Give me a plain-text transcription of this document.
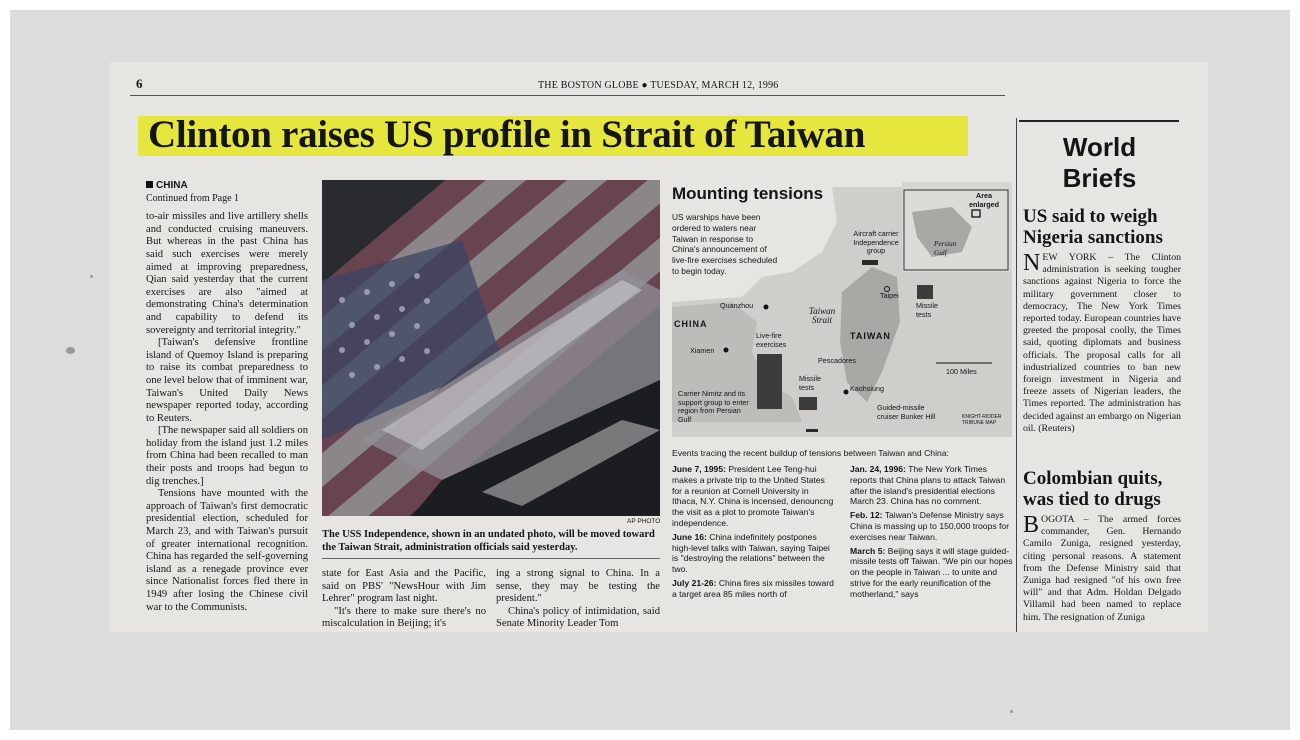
6	THE BOSTON GLOBE ● TUESDAY, MARCH 12, 1996
Clinton raises US profile in Strait of Taiwan
CHINA
Continued from Page 1

to-air missiles and live artillery shells and conducted cruising maneuvers. But whereas in the past China has said such exercises were merely aimed at improving preparedness, Qian said yesterday that the current exercises are also "aimed at demonstrating China's determination and capability to defend its sovereignty and territorial integrity."

[Taiwan's defensive frontline island of Quemoy Island is preparing to raise its combat preparedness to one level below that of imminent war, Taiwan's United Daily News newspaper reported today, according to Reuters.

[The newspaper said all soldiers on holiday from the island just 1.2 miles from China had been recalled to man their posts and troops had begun to dig trenches.]

Tensions have mounted with the approach of Taiwan's first democratic presidential election, scheduled for March 23, and with Taiwan's pursuit of greater international recognition. China has regarded the self-governing island as a renegade province ever since Nationalist forces fled there in 1949 after losing the Chinese civil war to the Communists.

AP PHOTO
The USS Independence, shown in an undated photo, will be moved toward the Taiwan Strait, administration officials said yesterday.

state for East Asia and the Pacific, said on PBS' "NewsHour with Jim Lehrer" program last night.

"It's there to make sure there's no miscalculation in Beijing; it's

ing a strong signal to China. In a sense, they may be testing the president."

China's policy of intimidation, said Senate Minority Leader Tom

Mounting tensions
US warships have been ordered to waters near Taiwan in response to China's announcement of live-fire exercises scheduled to begin today.
CHINA
TAIWAN
Taiwan Strait
Quanzhou
Xiamen
Live-fire exercises
Pescadores
Missile tests
Missile tests
Kaohsiung
Taipei
Aircraft carrier Independence group
Carrier Nimitz and its support group to enter region from Persian Gulf
Guided-missile cruiser Bunker Hill
100 Miles
Area enlarged
Persian Gulf
KNIGHT-RIDDER TRIBUNE MAP
Events tracing the recent buildup of tensions between Taiwan and China:

June 7, 1995: President Lee Teng-hui makes a private trip to the United States for a reunion at Cornell University in Ithaca, N.Y. China is incensed, denouncng the visit as a plot to promote Taiwan's independence.

June 16: China indefinitely postpones high-level talks with Taiwan, saying Taipei is "destroying the relations" between the two.

July 21-26: China fires six missiles toward a target area 85 miles north of

Jan. 24, 1996: The New York Times reports that China plans to attack Taiwan after the island's presidential elections March 23. China has no comment.

Feb. 12: Taiwan's Defense Ministry says China is massing up to 150,000 troops for exercises near Taiwan.

March 5: Beijing says it will stage guided-missile tests off Taiwan. "We pin our hopes on the people in Taiwan ... to unite and strive for the early reunification of the motherland," says

World
Briefs
US said to weigh Nigeria sanctions
NEW YORK – The Clinton administration is seeking tougher sanctions against Nigeria to force the military government closer to democracy, The New York Times reported today. European countries have greeted the proposal coolly, the Times said, quoting diplomats and business officials. The proposal calls for all industrialized countries to ban new foreign investment in Nigeria and freeze assets of Nigerian leaders, the Times reported. The administration has decided against an embargo on Nigerian oil. (Reuters)
Colombian quits, was tied to drugs
BOGOTA – The armed forces commander, Gen. Hernando Camilo Zuniga, resigned yesterday, citing personal reasons. A statement from the Defense Ministry said that Zuniga had resigned "of his own free will" and that Adm. Holdan Delgado Villamil had been named to replace him. The resignation of Zuniga
